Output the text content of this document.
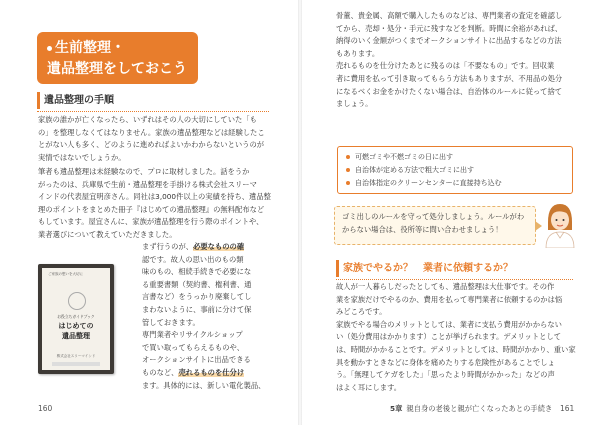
生前整理・
遺品整理をしておこう
遺品整理の手順
家族の誰かが亡くなったら、いずれはその人の大切にしていた「も
の」を整理しなくてはなりません。家族の遺品整理などは経験したこ
とがない人も多く、どのように進めればよいかわからないというのが
実情ではないでしょうか。
筆者も遺品整理は未経験なので、プロに取材しました。話をうか
がったのは、兵庫県で生前・遺品整理を手掛ける株式会社スリーマ
インドの代表屋宜明彦さん。同社は3,000件以上の実績を持ち、遺品整
理のポイントをまとめた冊子『はじめての遺品整理』の無料配布など
もしています。屋宜さんに、家族が遺品整理を行う際のポイントや、
業者選びについて教えていただきました。
ご家族の想いを大切に
お役立ちガイドブック
はじめての
遺品整理
株式会社スリーマインド
まず行うのが、必要なものの確
認です。故人の思い出のもの類
味のもの、相続手続きで必要にな
る重要書類（契約書、権利書、通
言書など）をうっかり廃棄してし
まわないように、事前に分けて保
管しておきます。
専門業者やリサイクルショップ
で買い取ってもらえるものや、
オークションサイトに出品できる
ものなど、売れるものを仕分け
ます。具体的には、新しい電化製品、
160
骨董、貴金属、高額で購入したものなどは、専門業者の査定を確認し
てから、売却・処分・手元に残すなどを判断。時間に余裕があれば、
納得のいく金額がつくまでオークションサイトに出品するなどの方法
もあります。
売れるものを仕分けたあとに残るのは「不要なもの」です。回収業
者に費用を払って引き取ってもらう方法もありますが、不用品の処分
になるべくお金をかけたくない場合は、自治体のルールに従って捨て
ましょう。
可燃ゴミや不燃ゴミの日に出す
自治体が定める方法で粗大ゴミに出す
自治体指定のクリーンセンターに直接持ち込む
ゴミ出しのルールを守って処分しましょう。ルールがわ
からない場合は、役所等に問い合わせましょう！
家族でやるか？　業者に依頼するか？
故人が一人暮らしだったとしても、遺品整理は大仕事です。その作
業を家族だけでやるのか、費用を払って専門業者に依頼するのかは悩
みどころです。
家族でやる場合のメリットとしては、業者に支払う費用がかからない
い（処分費用はかかります）ことが挙げられます。デメリットとして
は、時間がかかることです。デメリットとしては、時間がかかり、重い家
具を動かすときなどに身体を痛めたりする危険性があることでしょ
う。「無理してケガをした」「思ったより時間がかかった」などの声
はよく耳にします。
5章 親自身の老後と親が亡くなったあとの手続き 161
